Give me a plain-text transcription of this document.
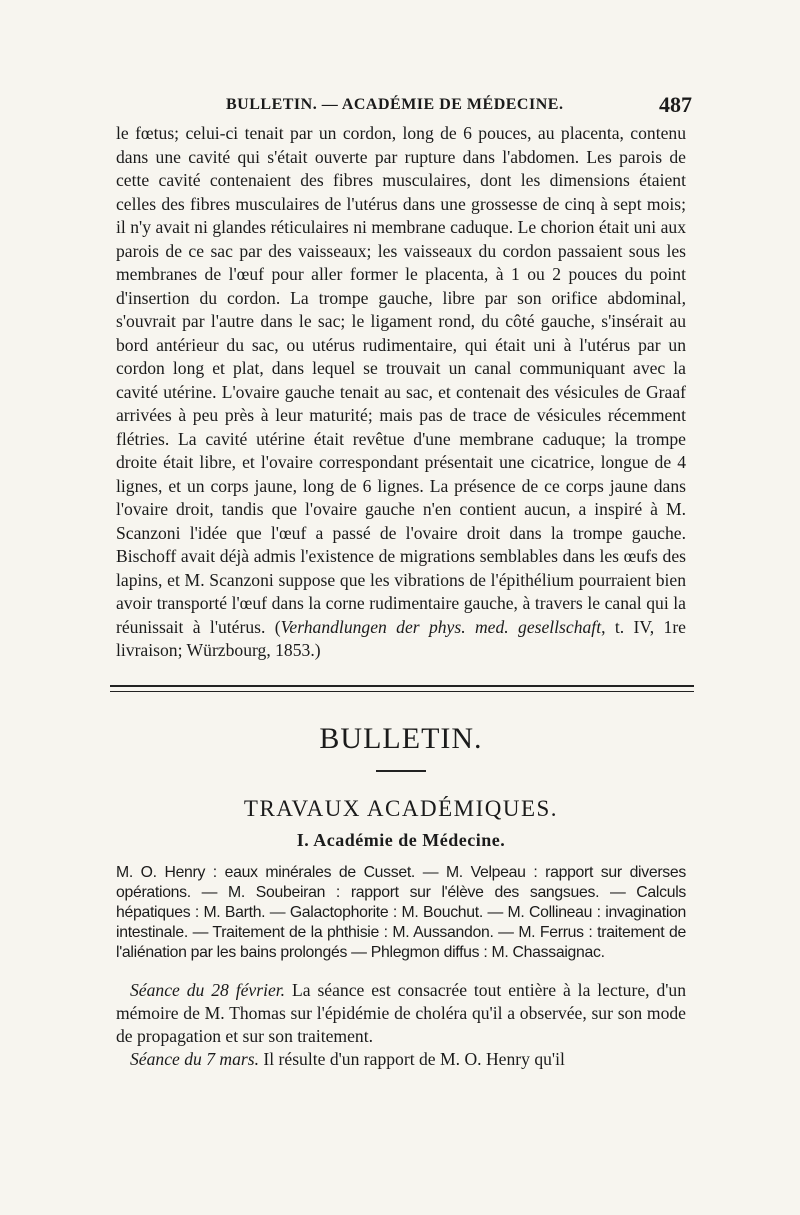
BULLETIN. — ACADÉMIE DE MÉDECINE.	487

le fœtus; celui-ci tenait par un cordon, long de 6 pouces, au placenta, contenu dans une cavité qui s'était ouverte par rupture dans l'abdomen. Les parois de cette cavité contenaient des fibres musculaires, dont les dimensions étaient celles des fibres musculaires de l'utérus dans une grossesse de cinq à sept mois; il n'y avait ni glandes réticulaires ni membrane caduque. Le chorion était uni aux parois de ce sac par des vaisseaux; les vaisseaux du cordon passaient sous les membranes de l'œuf pour aller former le placenta, à 1 ou 2 pouces du point d'insertion du cordon. La trompe gauche, libre par son orifice abdominal, s'ouvrait par l'autre dans le sac; le ligament rond, du côté gauche, s'insérait au bord antérieur du sac, ou utérus rudimentaire, qui était uni à l'utérus par un cordon long et plat, dans lequel se trouvait un canal communiquant avec la cavité utérine. L'ovaire gauche tenait au sac, et contenait des vésicules de Graaf arrivées à peu près à leur maturité; mais pas de trace de vésicules récemment flétries. La cavité utérine était revêtue d'une membrane caduque; la trompe droite était libre, et l'ovaire correspondant présentait une cicatrice, longue de 4 lignes, et un corps jaune, long de 6 lignes. La présence de ce corps jaune dans l'ovaire droit, tandis que l'ovaire gauche n'en contient aucun, a inspiré à M. Scanzoni l'idée que l'œuf a passé de l'ovaire droit dans la trompe gauche. Bischoff avait déjà admis l'existence de migrations semblables dans les œufs des lapins, et M. Scanzoni suppose que les vibrations de l'épithélium pourraient bien avoir transporté l'œuf dans la corne rudimentaire gauche, à travers le canal qui la réunissait à l'utérus. (Verhandlungen der phys. med. gesellschaft, t. IV, 1re livraison; Würzbourg, 1853.)

BULLETIN.
TRAVAUX ACADÉMIQUES.
I. Académie de Médecine.

M. O. Henry : eaux minérales de Cusset. — M. Velpeau : rapport sur diverses opérations. — M. Soubeiran : rapport sur l'élève des sangsues. — Calculs hépatiques : M. Barth. — Galactophorite : M. Bouchut. — M. Collineau : invagination intestinale. — Traitement de la phthisie : M. Aussandon. — M. Ferrus : traitement de l'aliénation par les bains prolongés — Phlegmon diffus : M. Chassaignac.

Séance du 28 février. La séance est consacrée tout entière à la lecture, d'un mémoire de M. Thomas sur l'épidémie de choléra qu'il a observée, sur son mode de propagation et sur son traitement.

Séance du 7 mars. Il résulte d'un rapport de M. O. Henry qu'il
